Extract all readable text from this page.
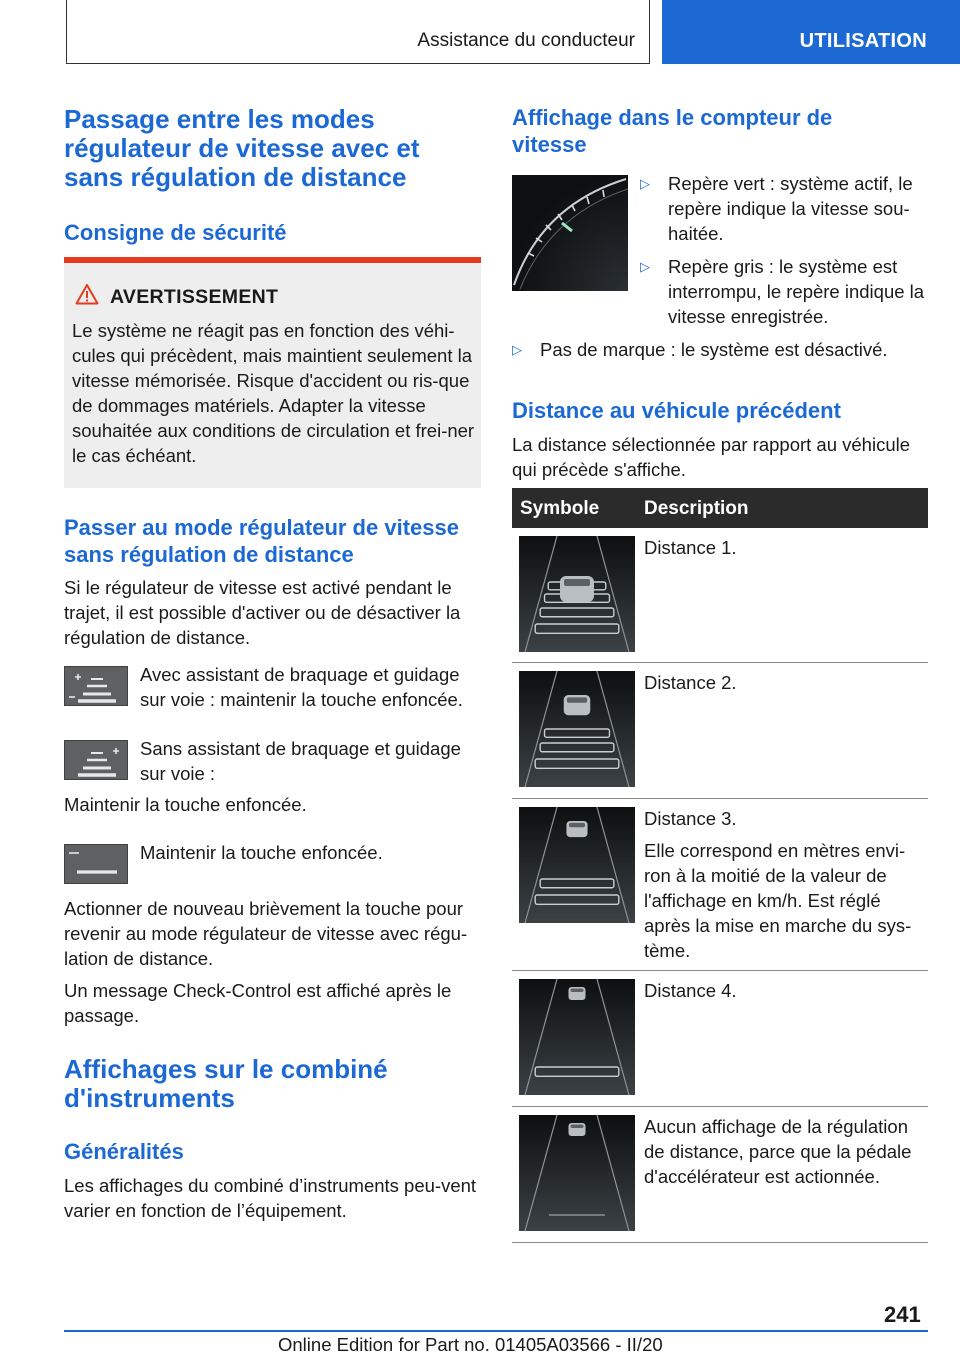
Assistance du conducteur	UTILISATION
Passage entre les modes régulateur de vitesse avec et sans régulation de distance
Consigne de sécurité
AVERTISSEMENT
Le système ne réagit pas en fonction des véhi-cules qui précèdent, mais maintient seulement la vitesse mémorisée. Risque d'accident ou ris-que de dommages matériels. Adapter la vitesse souhaitée aux conditions de circulation et frei-ner le cas échéant.
Passer au mode régulateur de vitesse sans régulation de distance
Si le régulateur de vitesse est activé pendant le trajet, il est possible d'activer ou de désactiver la régulation de distance.
Avec assistant de braquage et guidage sur voie : maintenir la touche enfoncée.
Sans assistant de braquage et guidage sur voie :
Maintenir la touche enfoncée.
Maintenir la touche enfoncée.
Actionner de nouveau brièvement la touche pour revenir au mode régulateur de vitesse avec régu-lation de distance.
Un message Check-Control est affiché après le passage.
Affichages sur le combiné d'instruments
Généralités
Les affichages du combiné d’instruments peu-vent varier en fonction de l’équipement.
Affichage dans le compteur de vitesse
▷ Repère vert : système actif, le repère indique la vitesse sou-haitée.
▷ Repère gris : le système est interrompu, le repère indique la vitesse enregistrée.
▷ Pas de marque : le système est désactivé.
Distance au véhicule précédent
La distance sélectionnée par rapport au véhicule qui précède s'affiche.
Symbole Description
Distance 1.
Distance 2.
Distance 3.
Elle correspond en mètres envi-ron à la moitié de la valeur de l'affichage en km/h. Est réglé après la mise en marche du sys-tème.
Distance 4.
Aucun affichage de la régulation de distance, parce que la pédale d'accélérateur est actionnée.
241
Online Edition for Part no. 01405A03566 - II/20
